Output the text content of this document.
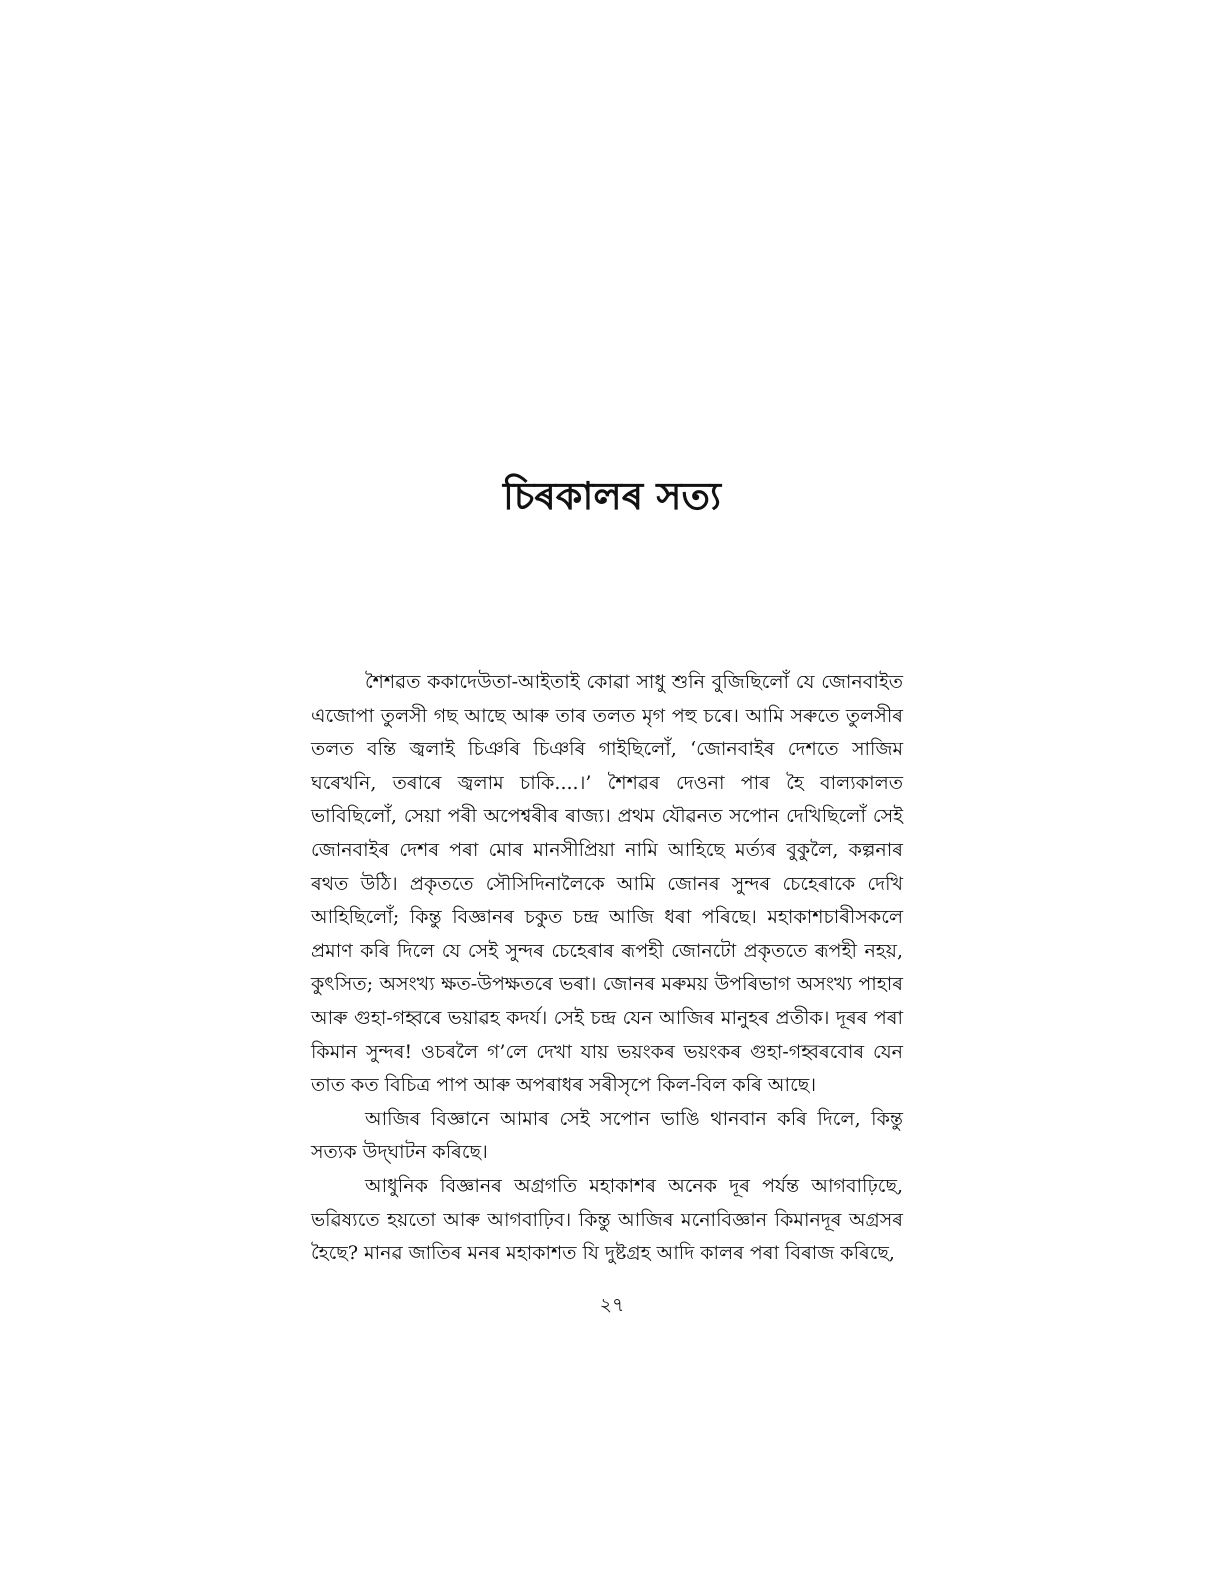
চিৰকালৰ সত্য

শৈশৱত ককাদেউতা-আইতাই কোৱা সাধু শুনি বুজিছিলোঁ যে জোনবাইত এজোপা তুলসী গছ আছে আৰু তাৰ তলত মৃগ পহু চৰে। আমি সৰুতে তুলসীৰ তলত বন্তি জ্বলাই চিঞৰি চিঞৰি গাইছিলোঁ, ‘জোনবাইৰ দেশতে সাজিম ঘৰেখনি, তৰাৰে জ্বলাম চাকি....।’ শৈশৱৰ দেওনা পাৰ হৈ বাল্যকালত ভাবিছিলোঁ, সেয়া পৰী অপেশ্বৰীৰ ৰাজ্য। প্ৰথম যৌৱনত সপোন দেখিছিলোঁ সেই জোনবাইৰ দেশৰ পৰা মোৰ মানসীপ্ৰিয়া নামি আহিছে মৰ্ত্যৰ বুকুলৈ, কল্পনাৰ ৰথত উঠি। প্ৰকৃততে সৌসিদিনালৈকে আমি জোনৰ সুন্দৰ চেহেৰাকে দেখি আহিছিলোঁ; কিন্তু বিজ্ঞানৰ চকুত চন্দ্ৰ আজি ধৰা পৰিছে। মহাকাশচাৰীসকলে প্ৰমাণ কৰি দিলে যে সেই সুন্দৰ চেহেৰাৰ ৰূপহী জোনটো প্ৰকৃততে ৰূপহী নহয়, কুৎসিত; অসংখ্য ক্ষত-উপক্ষতৰে ভৰা। জোনৰ মৰুময় উপৰিভাগ অসংখ্য পাহাৰ আৰু গুহা-গহ্বৰে ভয়াৱহ কদৰ্য। সেই চন্দ্ৰ যেন আজিৰ মানুহৰ প্ৰতীক। দূৰৰ পৰা কিমান সুন্দৰ! ওচৰলৈ গ’লে দেখা যায় ভয়ংকৰ ভয়ংকৰ গুহা-গহ্বৰবোৰ যেন তাত কত বিচিত্ৰ পাপ আৰু অপৰাধৰ সৰীসৃপে কিল-বিল কৰি আছে।

আজিৰ বিজ্ঞানে আমাৰ সেই সপোন ভাঙি থানবান কৰি দিলে, কিন্তু সত্যক উদ্‌ঘাটন কৰিছে।

আধুনিক বিজ্ঞানৰ অগ্ৰগতি মহাকাশৰ অনেক দূৰ পৰ্যন্ত আগবাঢ়িছে, ভৱিষ্যতে হয়তো আৰু আগবাঢ়িব। কিন্তু আজিৰ মনোবিজ্ঞান কিমানদূৰ অগ্ৰসৰ হৈছে? মানৱ জাতিৰ মনৰ মহাকাশত যি দুষ্টগ্ৰহ আদি কালৰ পৰা বিৰাজ কৰিছে,

২৭
